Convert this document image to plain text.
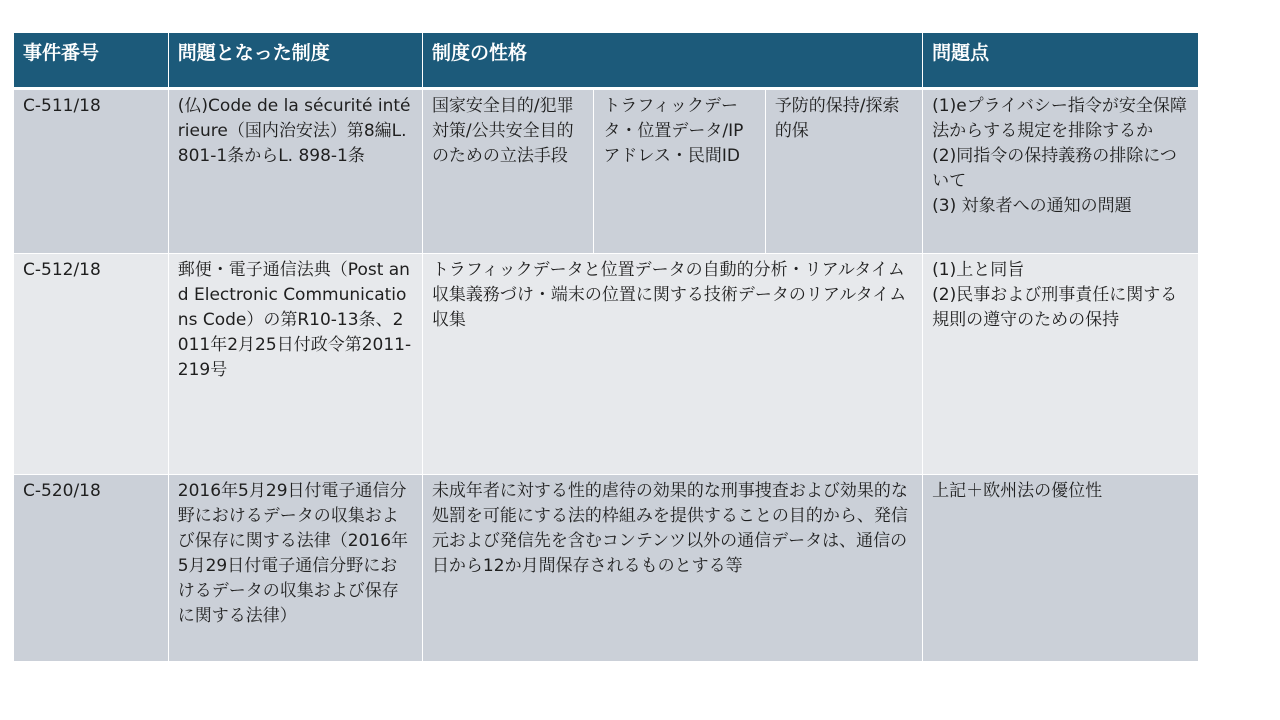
事件番号	問題となった制度	制度の性格			問題点
C-511/18	(仏)Code de la sécurité intérieure（国内治安法）第8編L. 801-1条からL. 898-1条	国家安全目的/犯罪対策/公共安全目的のための立法手段	トラフィックデータ・位置データ/IPアドレス・民間ID	予防的保持/探索的保	(1)eプライバシー指令が安全保障法からする規定を排除するか
(2)同指令の保持義務の排除について
(3) 対象者への通知の問題
C-512/18	郵便・電子通信法典（Post and Electronic Communications Code）の第R10-13条、2011年2月25日付政令第2011-219号	トラフィックデータと位置データの自動的分析・リアルタイム収集義務づけ・端末の位置に関する技術データのリアルタイム収集			(1)上と同旨
(2)民事および刑事責任に関する規則の遵守のための保持
C-520/18	2016年5月29日付電子通信分野におけるデータの収集および保存に関する法律（2016年5月29日付電子通信分野におけるデータの収集および保存に関する法律）	未成年者に対する性的虐待の効果的な刑事捜査および効果的な処罰を可能にする法的枠組みを提供することの目的から、発信元および発信先を含むコンテンツ以外の通信データは、通信の日から12か月間保存されるものとする等			上記＋欧州法の優位性
